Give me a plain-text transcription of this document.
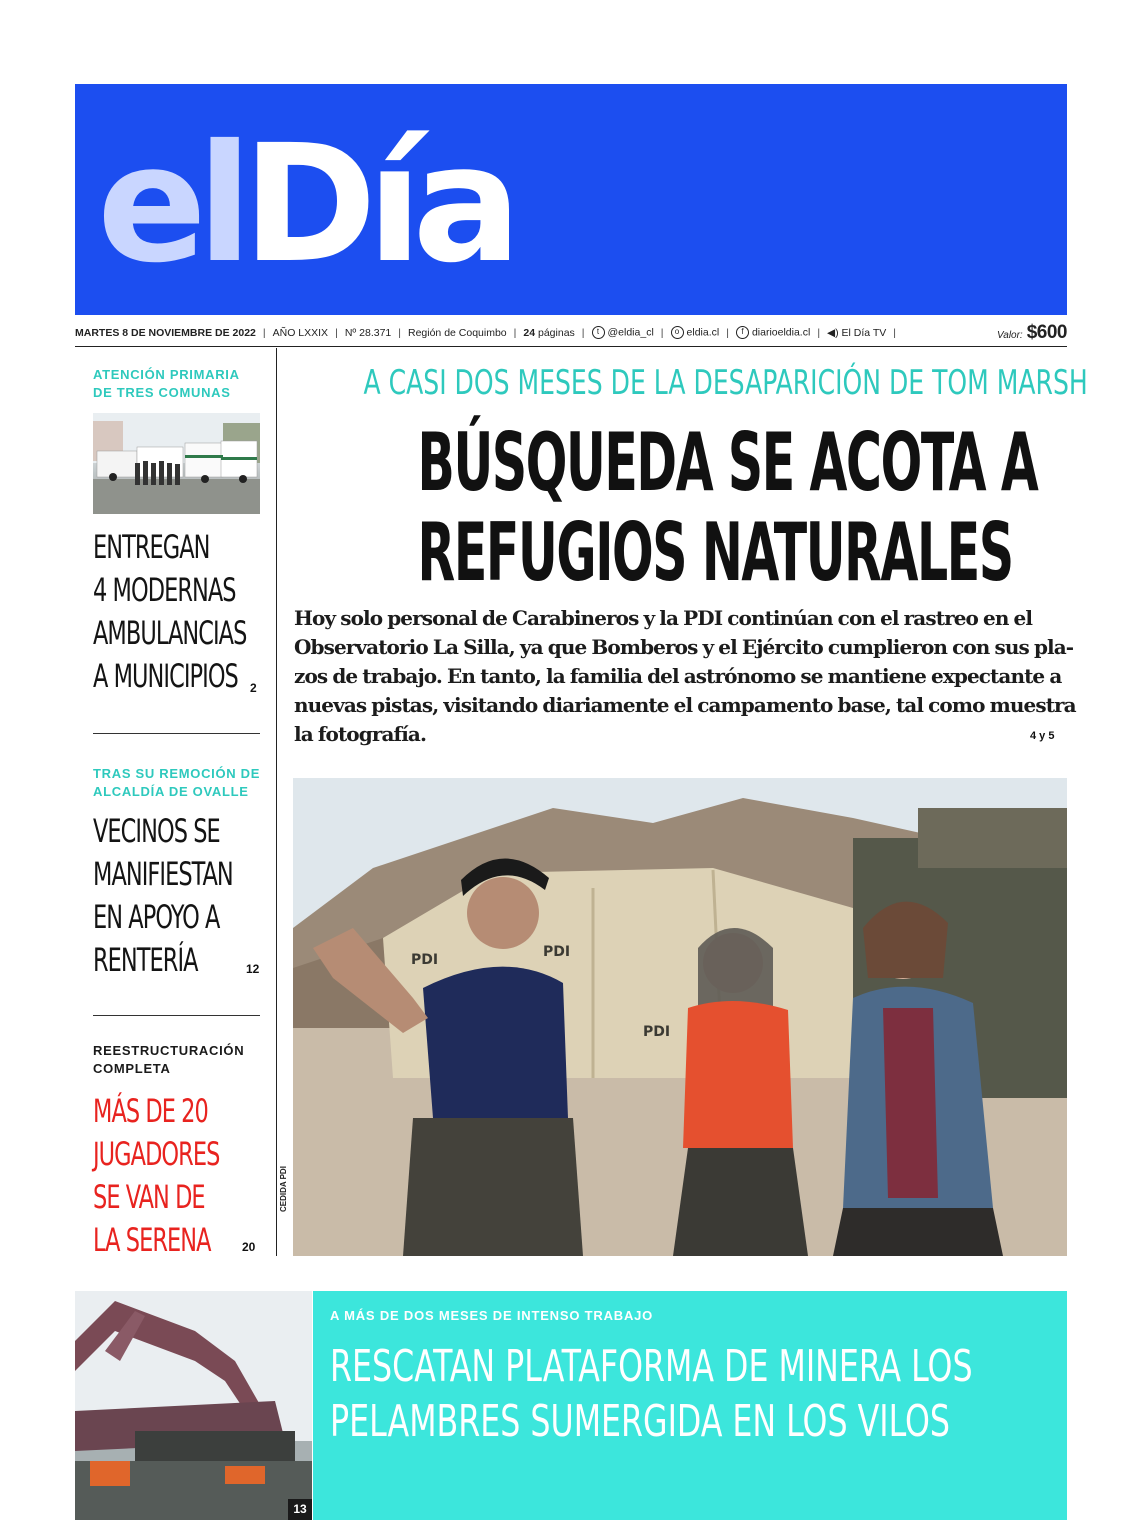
elDía
MARTES 8 DE NOVIEMBRE DE 2022 | AÑO LXXIX | Nº 28.371 | Región de Coquimbo | 24
páginas |	t @eldia_cl |	o eldia.cl |	f diarioeldia.cl | ◀) El Día TV |	Valor: $600
ATENCIÓN PRIMARIA
DE TRES COMUNAS
ENTREGAN
4 MODERNAS
AMBULANCIAS
A MUNICIPIOS	2
TRAS SU REMOCIÓN DE
ALCALDÍA DE OVALLE
VECINOS SE
MANIFIESTAN
EN APOYO A
RENTERÍA	12
REESTRUCTURACIÓN
COMPLETA
MÁS DE 20
JUGADORES
SE VAN DE
LA SERENA	20
A CASI DOS MESES DE LA DESAPARICIÓN DE TOM MARSH
BÚSQUEDA SE ACOTA A
REFUGIOS NATURALES
Hoy solo personal de Carabineros y la PDI continúan con el rastreo en el
Observatorio La Silla, ya que Bomberos y el Ejército cumplieron con sus pla-
zos de trabajo. En tanto, la familia del astrónomo se mantiene expectante a
nuevas pistas, visitando diariamente el campamento base, tal como muestra
la fotografía.	4 y 5
PDI	PDI
PDI
CEDIDA PDI
13
A MÁS DE DOS MESES DE INTENSO TRABAJO
RESCATAN PLATAFORMA DE MINERA LOS
PELAMBRES SUMERGIDA EN LOS VILOS
